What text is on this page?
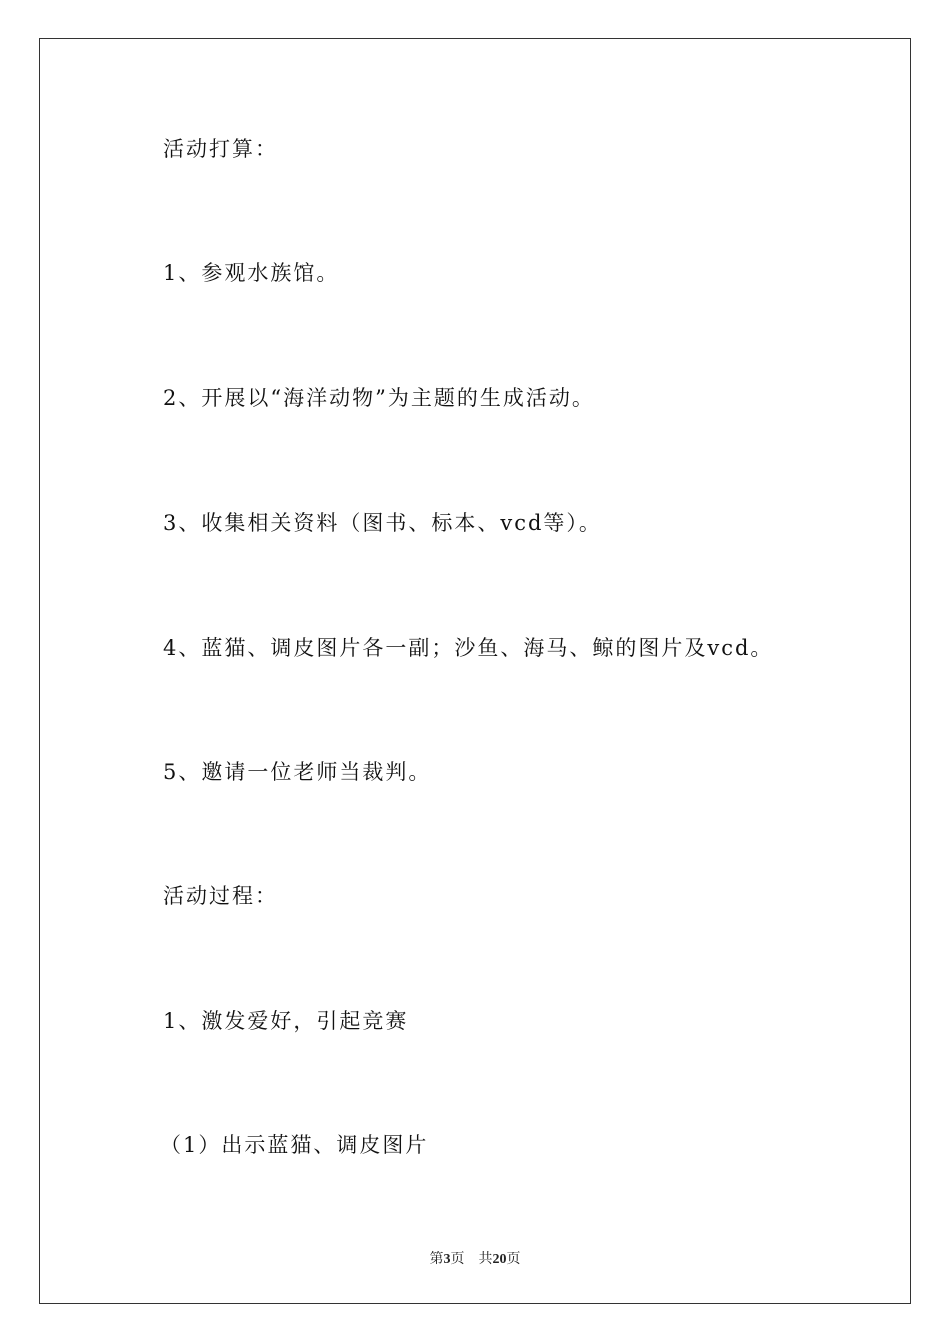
活动打算：
1、参观水族馆。
2、开展以“海洋动物”为主题的生成活动。
3、收集相关资料（图书、标本、vcd等）。
4、蓝猫、调皮图片各一副；沙鱼、海马、鲸的图片及vcd。
5、邀请一位老师当裁判。
活动过程：
1、激发爱好，引起竞赛
（1）出示蓝猫、调皮图片
第3页 共20页
